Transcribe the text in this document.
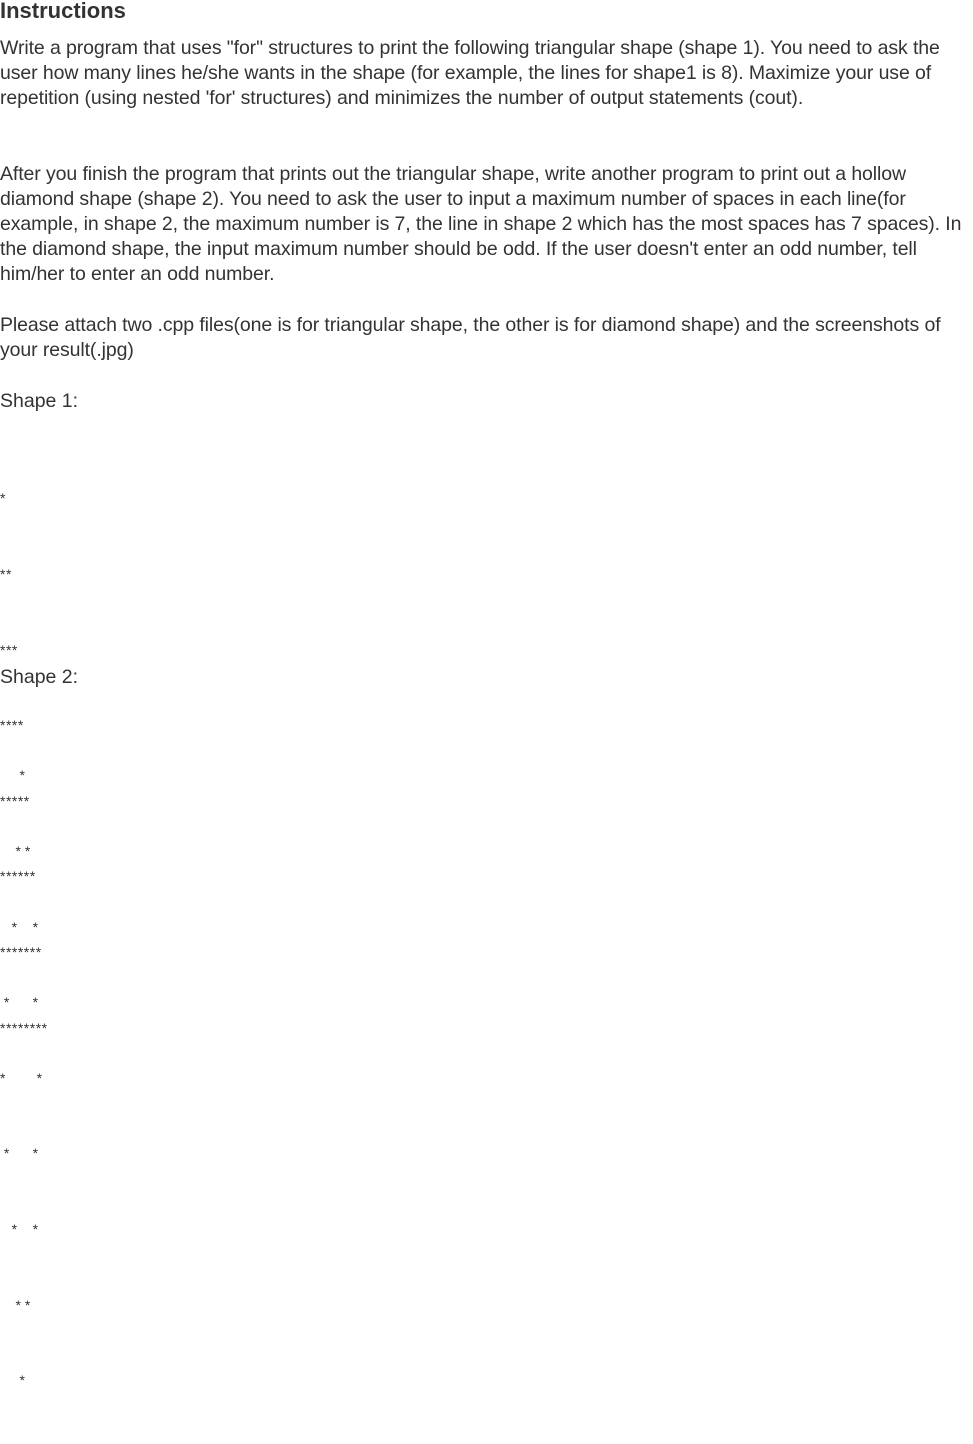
Instructions

Write a program that uses "for" structures to print the following triangular shape (shape 1). You need to ask the user how many lines he/she wants in the shape (for example, the lines for shape1 is 8). Maximize your use of repetition (using nested 'for' structures) and minimizes the number of output statements (cout).

After you finish the program that prints out the triangular shape, write another program to print out a hollow diamond shape (shape 2). You need to ask the user to input a maximum number of spaces in each line(for example, in shape 2, the maximum number is 7, the line in shape 2 which has the most spaces has 7 spaces). In the diamond shape, the input maximum number should be odd. If the user doesn't enter an odd number, tell him/her to enter an odd number.

Please attach two .cpp files(one is for triangular shape, the other is for diamond shape) and the screenshots of your result(.jpg)

Shape 1:

*

**

***

****

*****

******

*******

********

Shape 2:

*

* *

*    *

*      *

*        *

*      *

*    *

* *

*
